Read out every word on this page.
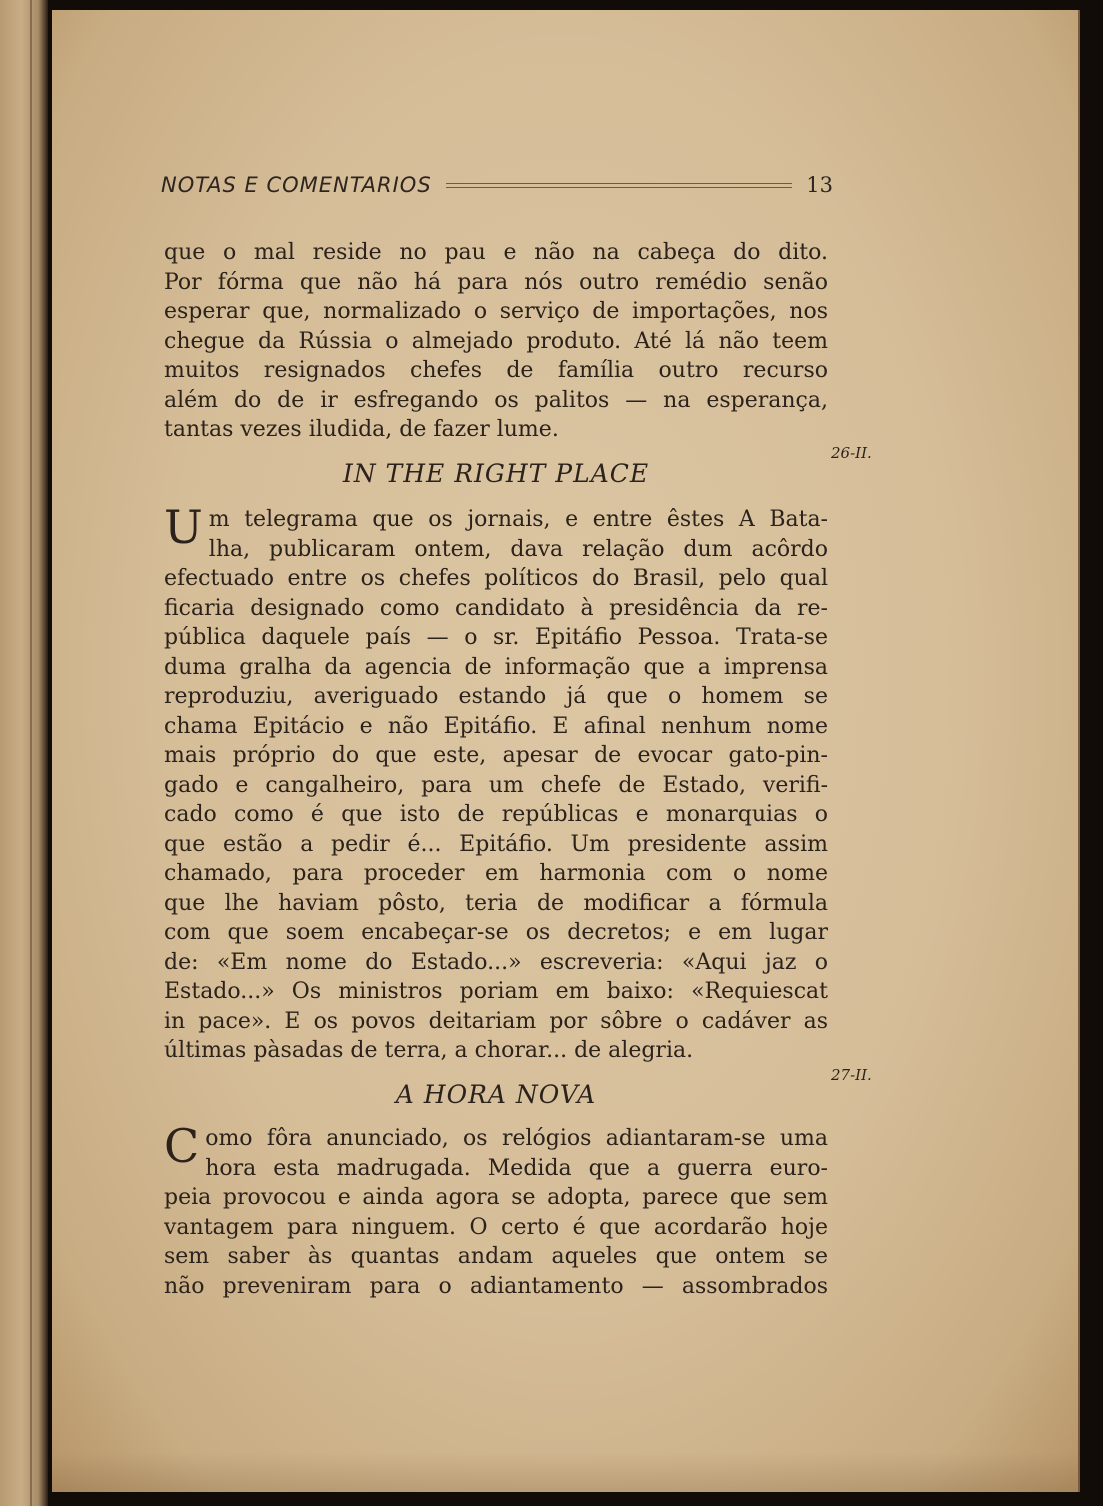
NOTAS E COMENTARIOS	13
que o mal reside no pau e não na cabeça do dito.
Por fórma que não há para nós outro remédio senão
esperar que, normalizado o serviço de importações, nos
chegue da Rússia o almejado produto. Até lá não teem
muitos resignados chefes de família outro recurso
além do de ir esfregando os palitos — na esperança,
tantas vezes iludida, de fazer lume.
26-II.
IN THE RIGHT PLACE
U m telegrama que os jornais, e entre êstes A Bata-
lha, publicaram ontem, dava relação dum acôrdo
efectuado entre os chefes políticos do Brasil, pelo qual
ficaria designado como candidato à presidência da re-
pública daquele país — o sr. Epitáfio Pessoa. Trata-se
duma gralha da agencia de informação que a imprensa
reproduziu, averiguado estando já que o homem se
chama Epitácio e não Epitáfio. E afinal nenhum nome
mais próprio do que este, apesar de evocar gato-pin-
gado e cangalheiro, para um chefe de Estado, verifi-
cado como é que isto de repúblicas e monarquias o
que estão a pedir é... Epitáfio. Um presidente assim
chamado, para proceder em harmonia com o nome
que lhe haviam pôsto, teria de modificar a fórmula
com que soem encabeçar-se os decretos; e em lugar
de: «Em nome do Estado...» escreveria: «Aqui jaz o
Estado...» Os ministros poriam em baixo: «Requiescat
in pace». E os povos deitariam por sôbre o cadáver as
últimas pàsadas de terra, a chorar... de alegria.
27-II.
A HORA NOVA
C omo fôra anunciado, os relógios adiantaram-se uma
hora esta madrugada. Medida que a guerra euro-
peia provocou e ainda agora se adopta, parece que sem
vantagem para ninguem. O certo é que acordarão hoje
sem saber às quantas andam aqueles que ontem se
não preveniram para o adiantamento — assombrados
